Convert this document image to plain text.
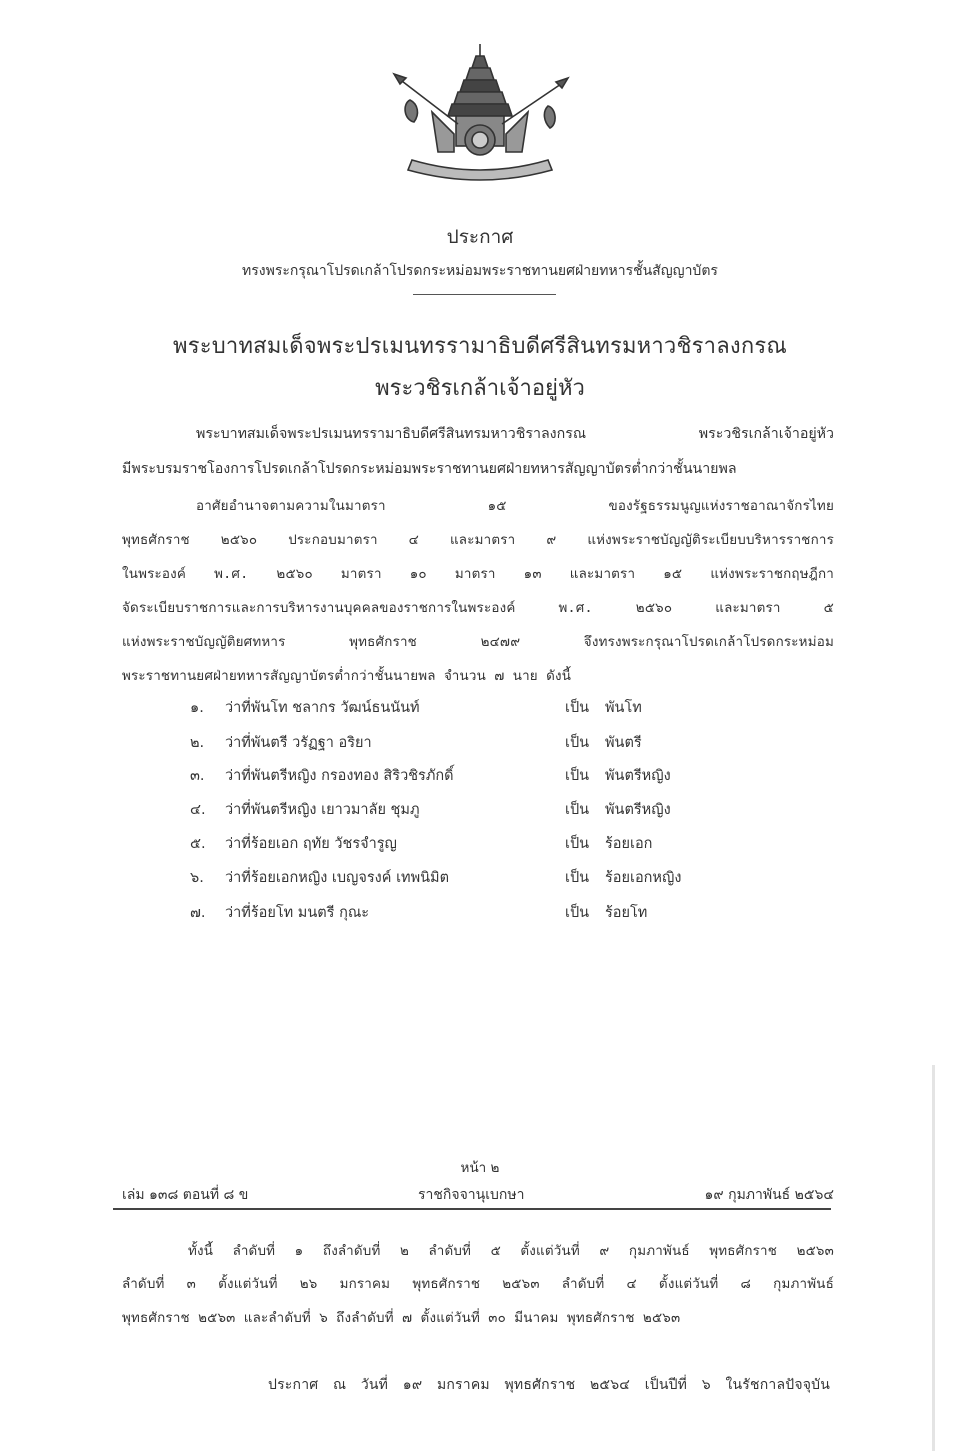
ประกาศ
ทรงพระกรุณาโปรดเกล้าโปรดกระหม่อมพระราชทานยศฝ่ายทหารชั้นสัญญาบัตร
พระบาทสมเด็จพระปรเมนทรรามาธิบดีศรีสินทรมหาวชิราลงกรณ
พระวชิรเกล้าเจ้าอยู่หัว
พระบาทสมเด็จพระปรเมนทรรามาธิบดีศรีสินทรมหาวชิราลงกรณ พระวชิรเกล้าเจ้าอยู่หัว
มีพระบรมราชโองการโปรดเกล้าโปรดกระหม่อมพระราชทานยศฝ่ายทหารสัญญาบัตรต่ำกว่าชั้นนายพล
อาศัยอำนาจตามความในมาตรา ๑๕ ของรัฐธรรมนูญแห่งราชอาณาจักรไทย
พุทธศักราช ๒๕๖๐ ประกอบมาตรา ๔ และมาตรา ๙ แห่งพระราชบัญญัติระเบียบบริหารราชการ
ในพระองค์ พ.ศ. ๒๕๖๐ มาตรา ๑๐ มาตรา ๑๓ และมาตรา ๑๕ แห่งพระราชกฤษฎีกา
จัดระเบียบราชการและการบริหารงานบุคคลของราชการในพระองค์ พ.ศ. ๒๕๖๐ และมาตรา ๕
แห่งพระราชบัญญัติยศทหาร พุทธศักราช ๒๔๗๙ จึงทรงพระกรุณาโปรดเกล้าโปรดกระหม่อม
พระราชทานยศฝ่ายทหารสัญญาบัตรต่ำกว่าชั้นนายพล จำนวน ๗ นาย ดังนี้
๑. ว่าที่พันโท ชลากร วัฒน์ธนนันท์	เป็น พันโท
๒. ว่าที่พันตรี วรัฏฐา อริยา	เป็น พันตรี
๓. ว่าที่พันตรีหญิง กรองทอง สิริวชิรภักดิ์	เป็น พันตรีหญิง
๔. ว่าที่พันตรีหญิง เยาวมาลัย ชุมภู	เป็น พันตรีหญิง
๕. ว่าที่ร้อยเอก ฤทัย วัชรจำรูญ	เป็น ร้อยเอก
๖. ว่าที่ร้อยเอกหญิง เบญจรงค์ เทพนิมิต	เป็น ร้อยเอกหญิง
๗. ว่าที่ร้อยโท มนตรี กุณะ	เป็น ร้อยโท
หน้า ๒
เล่ม ๑๓๘ ตอนที่ ๘ ข	ราชกิจจานุเบกษา	๑๙ กุมภาพันธ์ ๒๕๖๔
ทั้งนี้ ลำดับที่ ๑ ถึงลำดับที่ ๒ ลำดับที่ ๕ ตั้งแต่วันที่ ๙ กุมภาพันธ์ พุทธศักราช ๒๕๖๓
ลำดับที่ ๓ ตั้งแต่วันที่ ๒๖ มกราคม พุทธศักราช ๒๕๖๓ ลำดับที่ ๔ ตั้งแต่วันที่ ๘ กุมภาพันธ์
พุทธศักราช ๒๕๖๓ และลำดับที่ ๖ ถึงลำดับที่ ๗ ตั้งแต่วันที่ ๓๐ มีนาคม พุทธศักราช ๒๕๖๓
ประกาศ ณ วันที่ ๑๙ มกราคม พุทธศักราช ๒๕๖๔ เป็นปีที่ ๖ ในรัชกาลปัจจุบัน
